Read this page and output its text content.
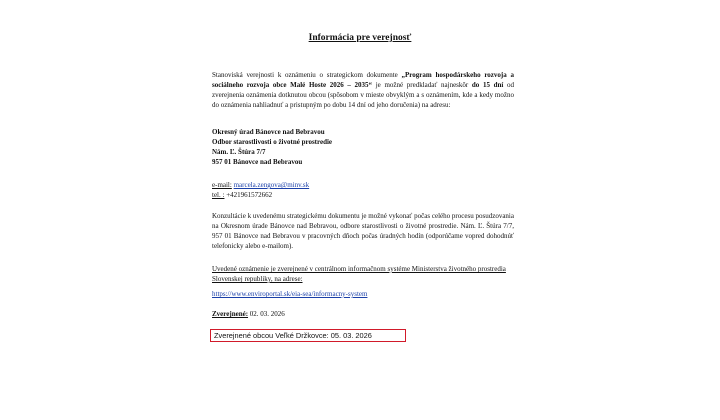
Informácia pre verejnosť
Stanoviská verejnosti k oznámeniu o strategickom dokumente „Program hospodárskeho rozvoja a sociálneho rozvoja obce Malé Hoste 2026 – 2035“ je možné predkladať najneskôr do 15 dní od zverejnenia oznámenia dotknutou obcou (spôsobom v mieste obvyklým a s oznámením, kde a kedy možno do oznámenia nahliadnuť a pristupným po dobu 14 dní od jeho doručenia) na adresu:
Okresný úrad Bánovce nad Bebravou
Odbor starostlivosti o životné prostredie
Nám. Ľ. Štúra 7/7
957 01 Bánovce nad Bebravou
e-mail: marcela.zengova@minv.sk
tel. : +421961572662
Konzultácie k uvedenému strategickému dokumentu je možné vykonať počas celého procesu posudzovania na Okresnom úrade Bánovce nad Bebravou, odbore starostlivosti o životné prostredie. Nám. Ľ. Štúra 7/7, 957 01 Bánovce nad Bebravou v pracovných dňoch počas úradných hodín (odporúčame vopred dohodnúť telefonicky alebo e-mailom).
Uvedené oznámenie je zverejnené v centrálnom informačnom systéme Ministerstva životného prostredia Slovenskej republiky, na adrese:
https://www.enviroportal.sk/eia-sea/informacny-system
Zverejnené: 02. 03. 2026
Zverejnené obcou Veľké Držkovce: 05. 03. 2026
